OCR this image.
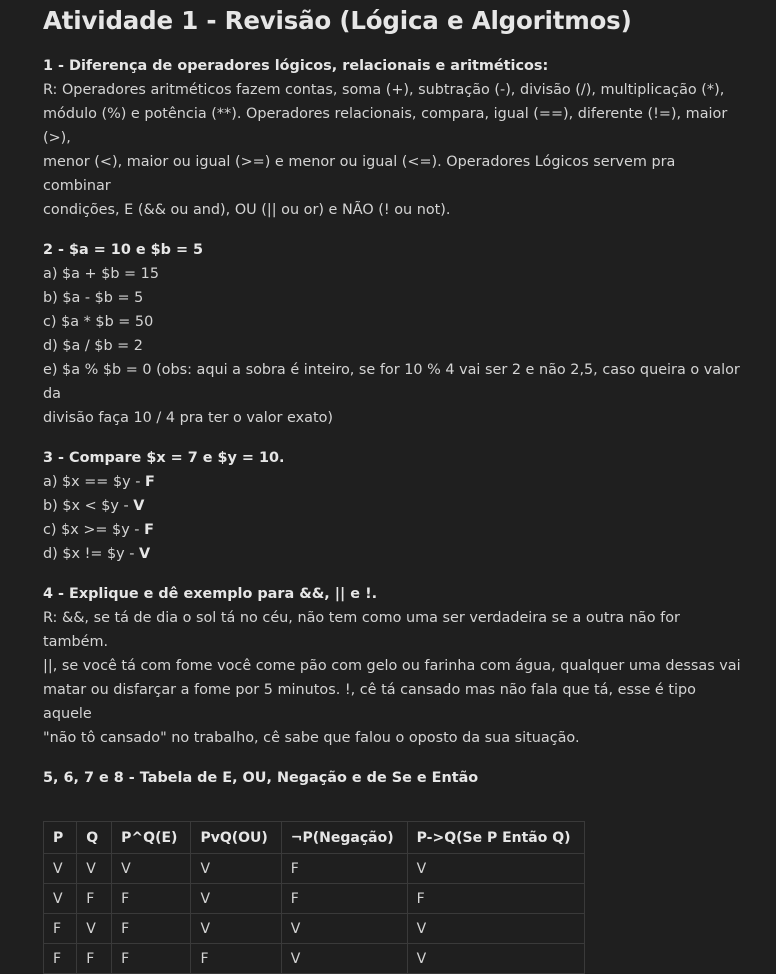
Atividade 1 - Revisão (Lógica e Algoritmos)
1 - Diferença de operadores lógicos, relacionais e aritméticos:
R: Operadores aritméticos fazem contas, soma (+), subtração (-), divisão (/), multiplicação (*),
módulo (%) e potência (**). Operadores relacionais, compara, igual (==), diferente (!=), maior (>),
menor (<), maior ou igual (>=) e menor ou igual (<=). Operadores Lógicos servem pra combinar
condições, E (&& ou and), OU (|| ou or) e NÃO (! ou not).
2 - $a = 10 e $b = 5
a) $a + $b = 15
b) $a - $b = 5
c) $a * $b = 50
d) $a / $b = 2
e) $a % $b = 0 (obs: aqui a sobra é inteiro, se for 10 % 4 vai ser 2 e não 2,5, caso queira o valor da
divisão faça 10 / 4 pra ter o valor exato)
3 - Compare $x = 7 e $y = 10.
a) $x == $y - F
b) $x < $y - V
c) $x >= $y - F
d) $x != $y - V
4 - Explique e dê exemplo para &&, || e !.
R: &&, se tá de dia o sol tá no céu, não tem como uma ser verdadeira se a outra não for também.
||, se você tá com fome você come pão com gelo ou farinha com água, qualquer uma dessas vai
matar ou disfarçar a fome por 5 minutos. !, cê tá cansado mas não fala que tá, esse é tipo aquele
"não tô cansado" no trabalho, cê sabe que falou o oposto da sua situação.
5, 6, 7 e 8 - Tabela de E, OU, Negação e de Se e Então
P	Q	P^Q(E)	PvQ(OU)	¬P(Negação)	P->Q(Se P Então Q)
V	V	V	V	F	V
V	F	F	V	F	F
F	V	F	V	V	V
F	F	F	F	V	V
